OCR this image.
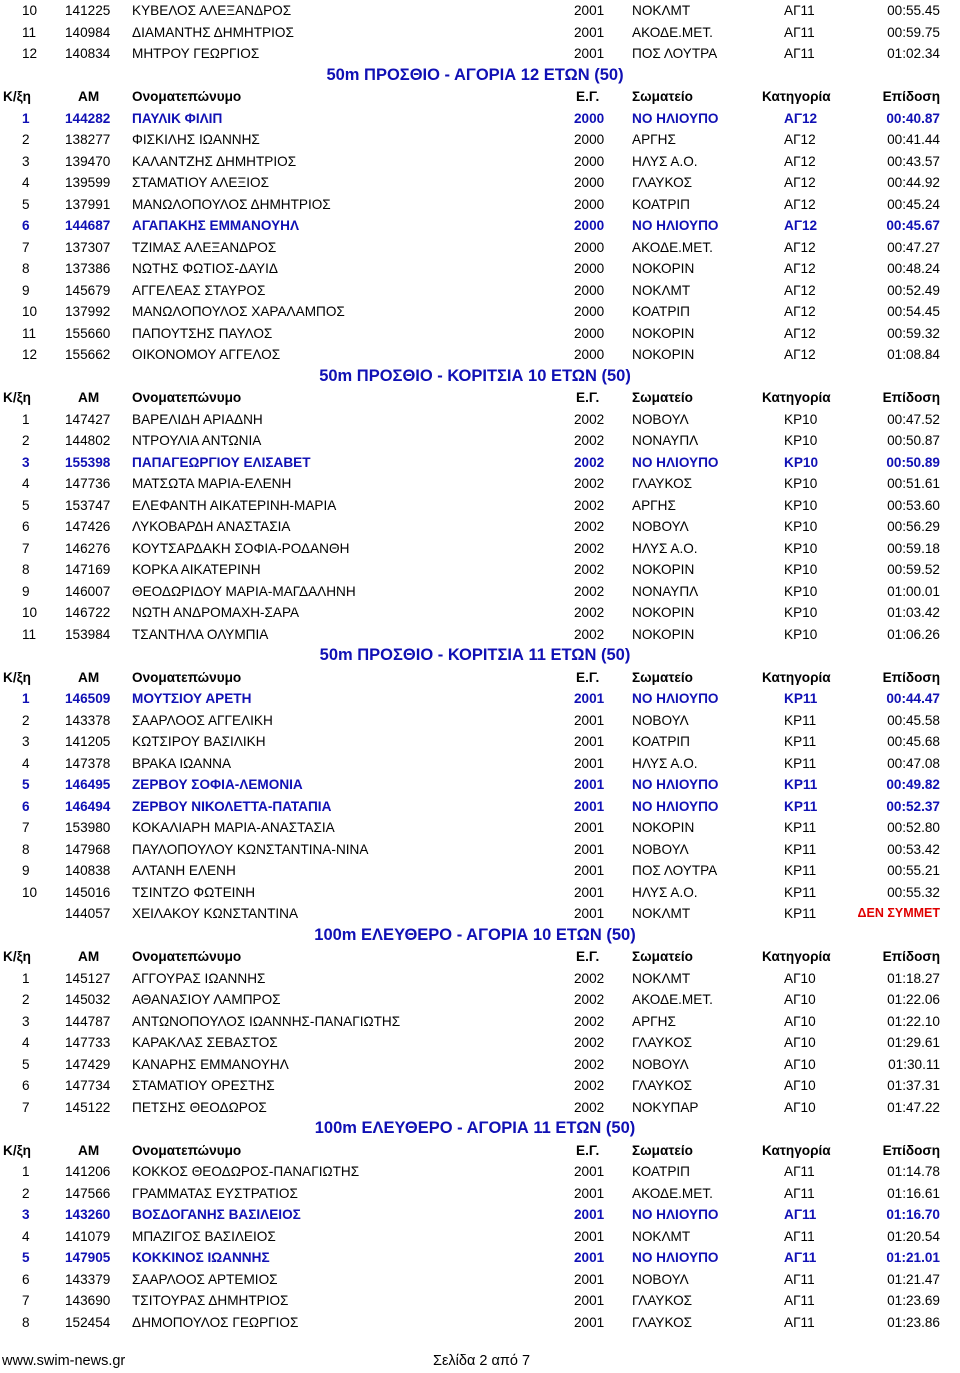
10 141225 ΚΥΒΕΛΟΣ ΑΛΕΞΑΝΔΡΟΣ	2001 ΝΟΚΛΜΤ	ΑΓ11	00:55.45
11 140984 ΔΙΑΜΑΝΤΗΣ ΔΗΜΗΤΡΙΟΣ	2001 ΑΚΟΔΕ.ΜΕΤ.	ΑΓ11	00:59.75
12 140834 ΜΗΤΡΟΥ ΓΕΩΡΓΙΟΣ	2001 ΠΟΣ ΛΟΥΤΡΑ	ΑΓ11	01:02.34
50m ΠΡΟΣΘΙΟ - ΑΓΟΡΙΑ 12 ΕΤΩΝ (50)
Κ/ξη	ΑΜ Ονοματεπώνυμο	Ε.Γ. Σωματείο	Κατηγορία	Επίδοση
1	144282 ΠΑΥΛΙΚ ΦΙΛΙΠ	2000 ΝΟ ΗΛΙΟΥΠΟ	ΑΓ12	00:40.87
2	138277 ΦΙΣΚΙΛΗΣ ΙΩΑΝΝΗΣ	2000 ΑΡΓΗΣ	ΑΓ12	00:41.44
3	139470 ΚΑΛΑΝΤΖΗΣ ΔΗΜΗΤΡΙΟΣ	2000 ΗΛΥΣ Α.Ο.	ΑΓ12	00:43.57
4	139599 ΣΤΑΜΑΤΙΟΥ ΑΛΕΞΙΟΣ	2000 ΓΛΑΥΚΟΣ	ΑΓ12	00:44.92
5	137991 ΜΑΝΩΛΟΠΟΥΛΟΣ ΔΗΜΗΤΡΙΟΣ	2000 ΚΟΑΤΡΙΠ	ΑΓ12	00:45.24
6	144687 ΑΓΑΠΑΚΗΣ ΕΜΜΑΝΟΥΗΛ	2000 ΝΟ ΗΛΙΟΥΠΟ	ΑΓ12	00:45.67
7	137307 ΤΖΙΜΑΣ ΑΛΕΞΑΝΔΡΟΣ	2000 ΑΚΟΔΕ.ΜΕΤ.	ΑΓ12	00:47.27
8	137386 ΝΩΤΗΣ ΦΩΤΙΟΣ-ΔΑΥΙΔ	2000 ΝΟΚΟΡΙΝ	ΑΓ12	00:48.24
9	145679 ΑΓΓΕΛΕΑΣ ΣΤΑΥΡΟΣ	2000 ΝΟΚΛΜΤ	ΑΓ12	00:52.49
10 137992 ΜΑΝΩΛΟΠΟΥΛΟΣ ΧΑΡΑΛΑΜΠΟΣ	2000 ΚΟΑΤΡΙΠ	ΑΓ12	00:54.45
11 155660 ΠΑΠΟΥΤΣΗΣ ΠΑΥΛΟΣ	2000 ΝΟΚΟΡΙΝ	ΑΓ12	00:59.32
12 155662 ΟΙΚΟΝΟΜΟΥ ΑΓΓΕΛΟΣ	2000 ΝΟΚΟΡΙΝ	ΑΓ12	01:08.84
50m ΠΡΟΣΘΙΟ - ΚΟΡΙΤΣΙΑ 10 ΕΤΩΝ (50)
Κ/ξη	ΑΜ Ονοματεπώνυμο	Ε.Γ. Σωματείο	Κατηγορία	Επίδοση
1	147427 ΒΑΡΕΛΙΔΗ ΑΡΙΑΔΝΗ	2002 ΝΟΒΟΥΛ	ΚΡ10	00:47.52
2	144802 ΝΤΡΟΥΛΙΑ ΑΝΤΩΝΙΑ	2002 ΝΟΝΑΥΠΛ	ΚΡ10	00:50.87
3	155398 ΠΑΠΑΓΕΩΡΓΙΟΥ ΕΛΙΣΑΒΕΤ	2002 ΝΟ ΗΛΙΟΥΠΟ	ΚΡ10	00:50.89
4	147736 ΜΑΤΣΩΤΑ ΜΑΡΙΑ-ΕΛΕΝΗ	2002 ΓΛΑΥΚΟΣ	ΚΡ10	00:51.61
5	153747 ΕΛΕΦΑΝΤΗ ΑΙΚΑΤΕΡΙΝΗ-ΜΑΡΙΑ	2002 ΑΡΓΗΣ	ΚΡ10	00:53.60
6	147426 ΛΥΚΟΒΑΡΔΗ ΑΝΑΣΤΑΣΙΑ	2002 ΝΟΒΟΥΛ	ΚΡ10	00:56.29
7	146276 ΚΟΥΤΣΑΡΔΑΚΗ ΣΟΦΙΑ-ΡΟΔΑΝΘΗ	2002 ΗΛΥΣ Α.Ο.	ΚΡ10	00:59.18
8	147169 ΚΟΡΚΑ ΑΙΚΑΤΕΡΙΝΗ	2002 ΝΟΚΟΡΙΝ	ΚΡ10	00:59.52
9	146007 ΘΕΟΔΩΡΙΔΟΥ ΜΑΡΙΑ-ΜΑΓΔΑΛΗΝΗ	2002 ΝΟΝΑΥΠΛ	ΚΡ10	01:00.01
10 146722 ΝΩΤΗ ΑΝΔΡΟΜΑΧΗ-ΣΑΡΑ	2002 ΝΟΚΟΡΙΝ	ΚΡ10	01:03.42
11 153984 ΤΣΑΝΤΗΛΑ ΟΛΥΜΠΙΑ	2002 ΝΟΚΟΡΙΝ	ΚΡ10	01:06.26
50m ΠΡΟΣΘΙΟ - ΚΟΡΙΤΣΙΑ 11 ΕΤΩΝ (50)
Κ/ξη	ΑΜ Ονοματεπώνυμο	Ε.Γ. Σωματείο	Κατηγορία	Επίδοση
1	146509 ΜΟΥΤΣΙΟΥ ΑΡΕΤΗ	2001 ΝΟ ΗΛΙΟΥΠΟ	ΚΡ11	00:44.47
2	143378 ΣΑΑΡΛΟΟΣ ΑΓΓΕΛΙΚΗ	2001 ΝΟΒΟΥΛ	ΚΡ11	00:45.58
3	141205 ΚΩΤΣΙΡΟΥ ΒΑΣΙΛΙΚΗ	2001 ΚΟΑΤΡΙΠ	ΚΡ11	00:45.68
4	147378 ΒΡΑΚΑ ΙΩΑΝΝΑ	2001 ΗΛΥΣ Α.Ο.	ΚΡ11	00:47.08
5	146495 ΖΕΡΒΟΥ ΣΟΦΙΑ-ΛΕΜΟΝΙΑ	2001 ΝΟ ΗΛΙΟΥΠΟ	ΚΡ11	00:49.82
6	146494 ΖΕΡΒΟΥ ΝΙΚΟΛΕΤΤΑ-ΠΑΤΑΠΙΑ	2001 ΝΟ ΗΛΙΟΥΠΟ	ΚΡ11	00:52.37
7	153980 ΚΟΚΑΛΙΑΡΗ ΜΑΡΙΑ-ΑΝΑΣΤΑΣΙΑ	2001 ΝΟΚΟΡΙΝ	ΚΡ11	00:52.80
8	147968 ΠΑΥΛΟΠΟΥΛΟΥ ΚΩΝΣΤΑΝΤΙΝΑ-ΝΙΝΑ	2001 ΝΟΒΟΥΛ	ΚΡ11	00:53.42
9	140838 ΑΛΤΑΝΗ ΕΛΕΝΗ	2001 ΠΟΣ ΛΟΥΤΡΑ	ΚΡ11	00:55.21
10 145016 ΤΣΙΝΤΖΟ ΦΩΤΕΙΝΗ	2001 ΗΛΥΣ Α.Ο.	ΚΡ11	00:55.32
144057 ΧΕΙΛΑΚΟΥ ΚΩΝΣΤΑΝΤΙΝΑ	2001 ΝΟΚΛΜΤ	ΚΡ11	ΔΕΝ ΣΥΜΜΕΤ
100m ΕΛΕΥΘΕΡΟ - ΑΓΟΡΙΑ 10 ΕΤΩΝ (50)
Κ/ξη	ΑΜ Ονοματεπώνυμο	Ε.Γ. Σωματείο	Κατηγορία	Επίδοση
1	145127 ΑΓΓΟΥΡΑΣ ΙΩΑΝΝΗΣ	2002 ΝΟΚΛΜΤ	ΑΓ10	01:18.27
2	145032 ΑΘΑΝΑΣΙΟΥ ΛΑΜΠΡΟΣ	2002 ΑΚΟΔΕ.ΜΕΤ.	ΑΓ10	01:22.06
3	144787 ΑΝΤΩΝΟΠΟΥΛΟΣ ΙΩΑΝΝΗΣ-ΠΑΝΑΓΙΩΤΗΣ	2002 ΑΡΓΗΣ	ΑΓ10	01:22.10
4	147733 ΚΑΡΑΚΛΑΣ ΣΕΒΑΣΤΟΣ	2002 ΓΛΑΥΚΟΣ	ΑΓ10	01:29.61
5	147429 ΚΑΝΑΡΗΣ ΕΜΜΑΝΟΥΗΛ	2002 ΝΟΒΟΥΛ	ΑΓ10	01:30.11
6	147734 ΣΤΑΜΑΤΙΟΥ ΟΡΕΣΤΗΣ	2002 ΓΛΑΥΚΟΣ	ΑΓ10	01:37.31
7	145122 ΠΕΤΣΗΣ ΘΕΟΔΩΡΟΣ	2002 ΝΟΚΥΠΑΡ	ΑΓ10	01:47.22
100m ΕΛΕΥΘΕΡΟ - ΑΓΟΡΙΑ 11 ΕΤΩΝ (50)
Κ/ξη	ΑΜ Ονοματεπώνυμο	Ε.Γ. Σωματείο	Κατηγορία	Επίδοση
1	141206 ΚΟΚΚΟΣ ΘΕΟΔΩΡΟΣ-ΠΑΝΑΓΙΩΤΗΣ	2001 ΚΟΑΤΡΙΠ	ΑΓ11	01:14.78
2	147566 ΓΡΑΜΜΑΤΑΣ ΕΥΣΤΡΑΤΙΟΣ	2001 ΑΚΟΔΕ.ΜΕΤ.	ΑΓ11	01:16.61
3	143260 ΒΟΣΔΟΓΑΝΗΣ ΒΑΣΙΛΕΙΟΣ	2001 ΝΟ ΗΛΙΟΥΠΟ	ΑΓ11	01:16.70
4	141079 ΜΠΑΖΙΓΟΣ ΒΑΣΙΛΕΙΟΣ	2001 ΝΟΚΛΜΤ	ΑΓ11	01:20.54
5	147905 ΚΟΚΚΙΝΟΣ ΙΩΑΝΝΗΣ	2001 ΝΟ ΗΛΙΟΥΠΟ	ΑΓ11	01:21.01
6	143379 ΣΑΑΡΛΟΟΣ ΑΡΤΕΜΙΟΣ	2001 ΝΟΒΟΥΛ	ΑΓ11	01:21.47
7	143690 ΤΣΙΤΟΥΡΑΣ ΔΗΜΗΤΡΙΟΣ	2001 ΓΛΑΥΚΟΣ	ΑΓ11	01:23.69
8	152454 ΔΗΜΟΠΟΥΛΟΣ ΓΕΩΡΓΙΟΣ	2001 ΓΛΑΥΚΟΣ	ΑΓ11	01:23.86
www.swim-news.gr	Σελίδα 2 από 7
